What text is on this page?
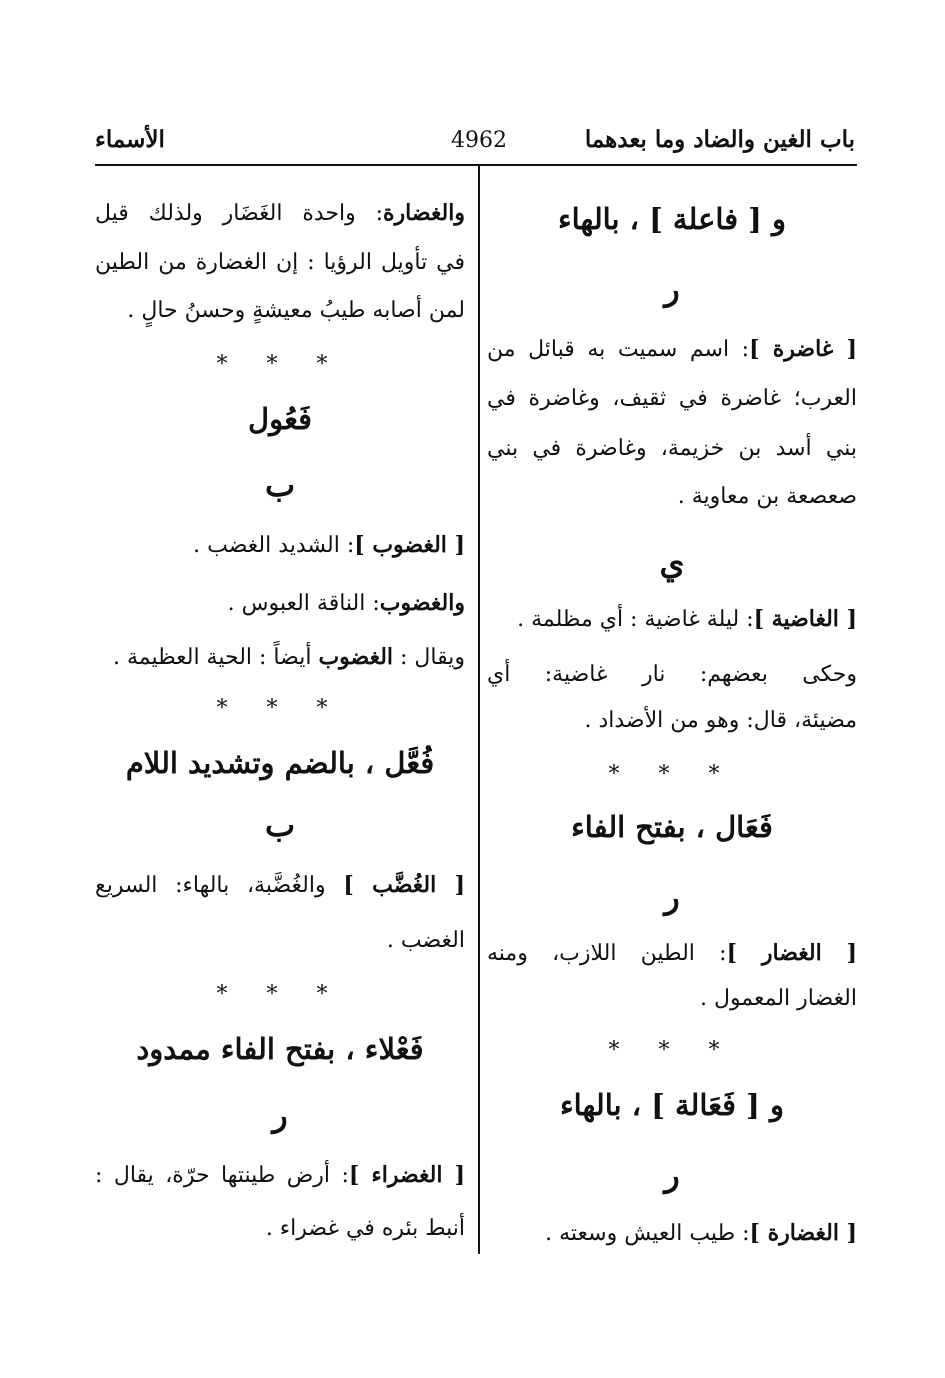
باب الغين والضاد وما بعدهما
4962
الأسماء
و [ فاعلة ] ، بالهاء
ر
[ غاضرة ]: اسم سميت به قبائل من
العرب؛ غاضرة في ثقيف، وغاضرة في
بني أسد بن خزيمة، وغاضرة في بني
صعصعة بن معاوية .
ي
[ الغاضية ]: ليلة غاضية : أي مظلمة .
وحكى بعضهم: نار غاضية: أي
مضيئة، قال: وهو من الأضداد .
* * *
فَعَال ، بفتح الفاء
ر
[ الغضار ]: الطين اللازب، ومنه
الغضار المعمول .
* * *
و [ فَعَالة ] ، بالهاء
ر
[ الغضارة ]: طيب العيش وسعته .
والغضارة: واحدة الغَضَار ولذلك قيل
في تأويل الرؤيا : إن الغضارة من الطين
لمن أصابه طيبُ معيشةٍ وحسنُ حالٍ .
* * *
فَعُول
ب
[ الغضوب ]: الشديد الغضب .
والغضوب: الناقة العبوس .
ويقال : الغضوب أيضاً : الحية العظيمة .
* * *
فُعَّل ، بالضم وتشديد اللام
ب
[ الغُضَّب ] والغُضَّبة، بالهاء: السريع
الغضب .
* * *
فَعْلاء ، بفتح الفاء ممدود
ر
[ الغضراء ]: أرض طينتها حرّة، يقال :
أنبط بئره في غضراء .
